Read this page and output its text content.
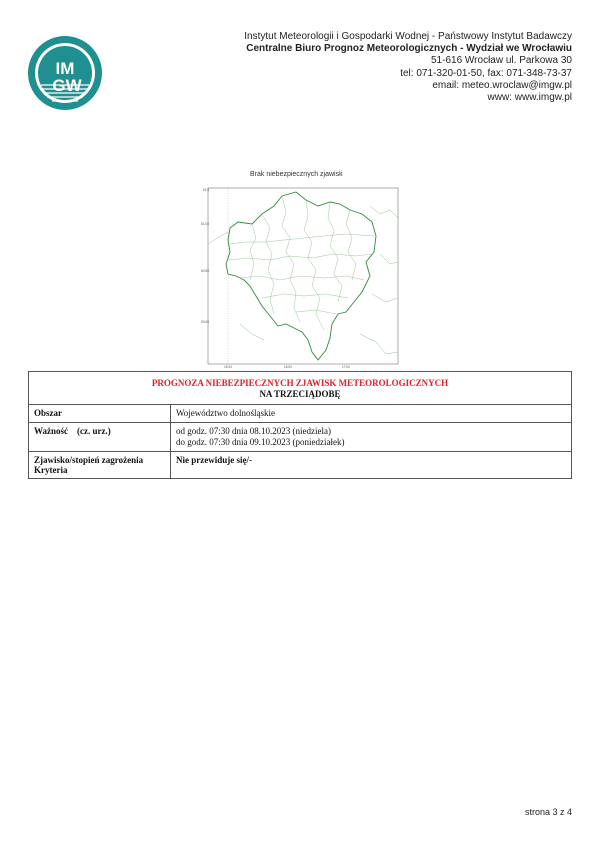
IM
GW
Instytut Meteorologii i Gospodarki Wodnej - Państwowy Instytut Badawczy
Centralne Biuro Prognoz Meteorologicznych - Wydział we Wrocławiu
51-616 Wrocław ul. Parkowa 30
tel: 071-320-01-50, fax: 071-348-73-37
email: meteo.wroclaw@imgw.pl
www: www.imgw.pl
Brak niebezpiecznych zjawisk
51.5
51.00
50.50
50.00
15.00	16.00	17.00
PROGNOZA NIEBEZPIECZNYCH ZJAWISK METEOROLOGICZNYCH
NA TRZECIĄDOBĘ	

Obszar	Województwo dolnośląskie
Ważność    (cz. urz.)	od godz. 07:30 dnia 08.10.2023 (niedziela)
do godz. 07:30 dnia 09.10.2023 (poniedziałek)

Zjawisko/stopień zagrożenia
Kryteria	Nie przewiduje się/-
strona 3 z 4
